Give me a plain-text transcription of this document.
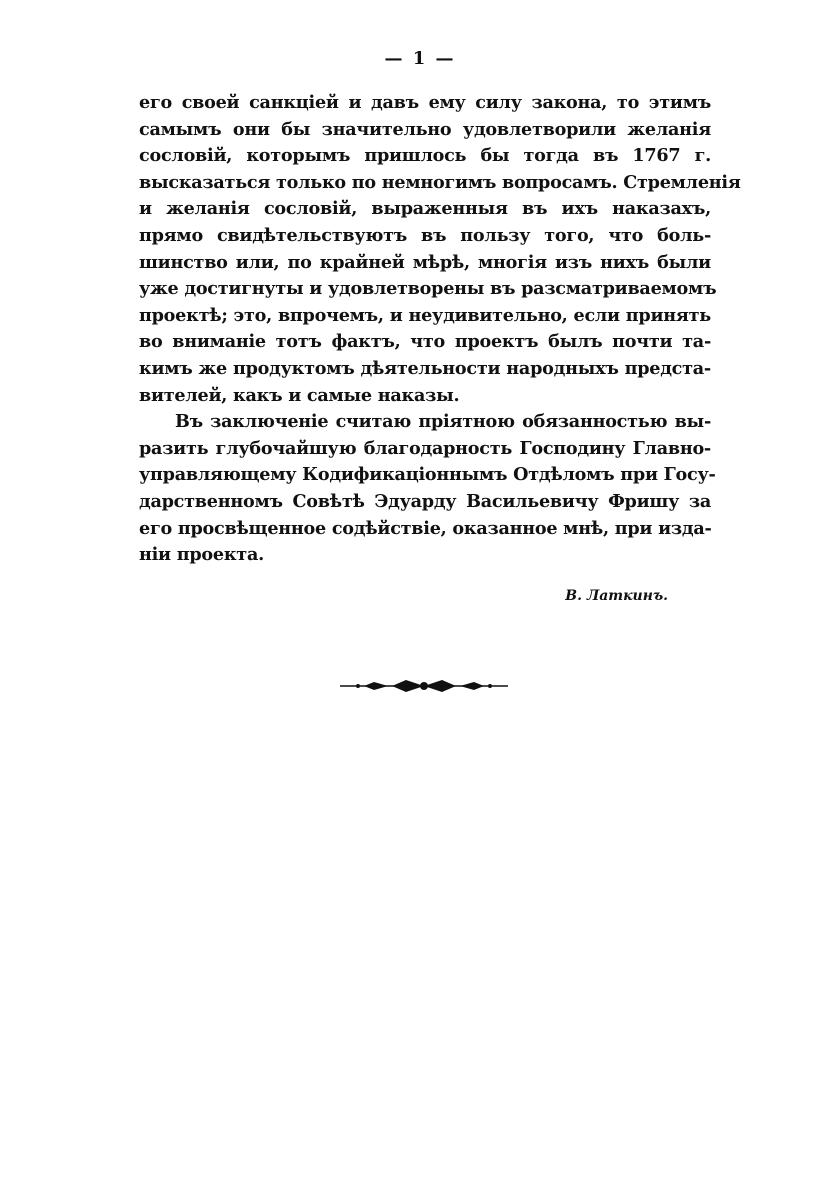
— 1 —
его своей санкціей и давъ ему силу закона, то этимъ
самымъ они бы значительно удовлетворили желанія
сословій, которымъ пришлось бы тогда въ 1767 г.
высказаться только по немногимъ вопросамъ. Стремленія
и желанія сословій, выраженныя въ ихъ наказахъ,
прямо свидѣтельствуютъ въ пользу того, что боль-
шинство или, по крайней мѣрѣ, многія изъ нихъ были
уже достигнуты и удовлетворены въ разсматриваемомъ
проектѣ; это, впрочемъ, и неудивительно, если принять
во вниманіе тотъ фактъ, что проектъ былъ почти та-
кимъ же продуктомъ дѣятельности народныхъ предста-
вителей, какъ и самые наказы.
Въ заключеніе считаю пріятною обязанностью вы-
разить глубочайшую благодарность Господину Главно-
управляющему Кодификаціоннымъ Отдѣломъ при Госу-
дарственномъ Совѣтѣ Эдуарду Васильевичу Фришу за
его просвѣщенное содѣйствіе, оказанное мнѣ, при изда-
ніи проекта.
В. Латкинъ.
